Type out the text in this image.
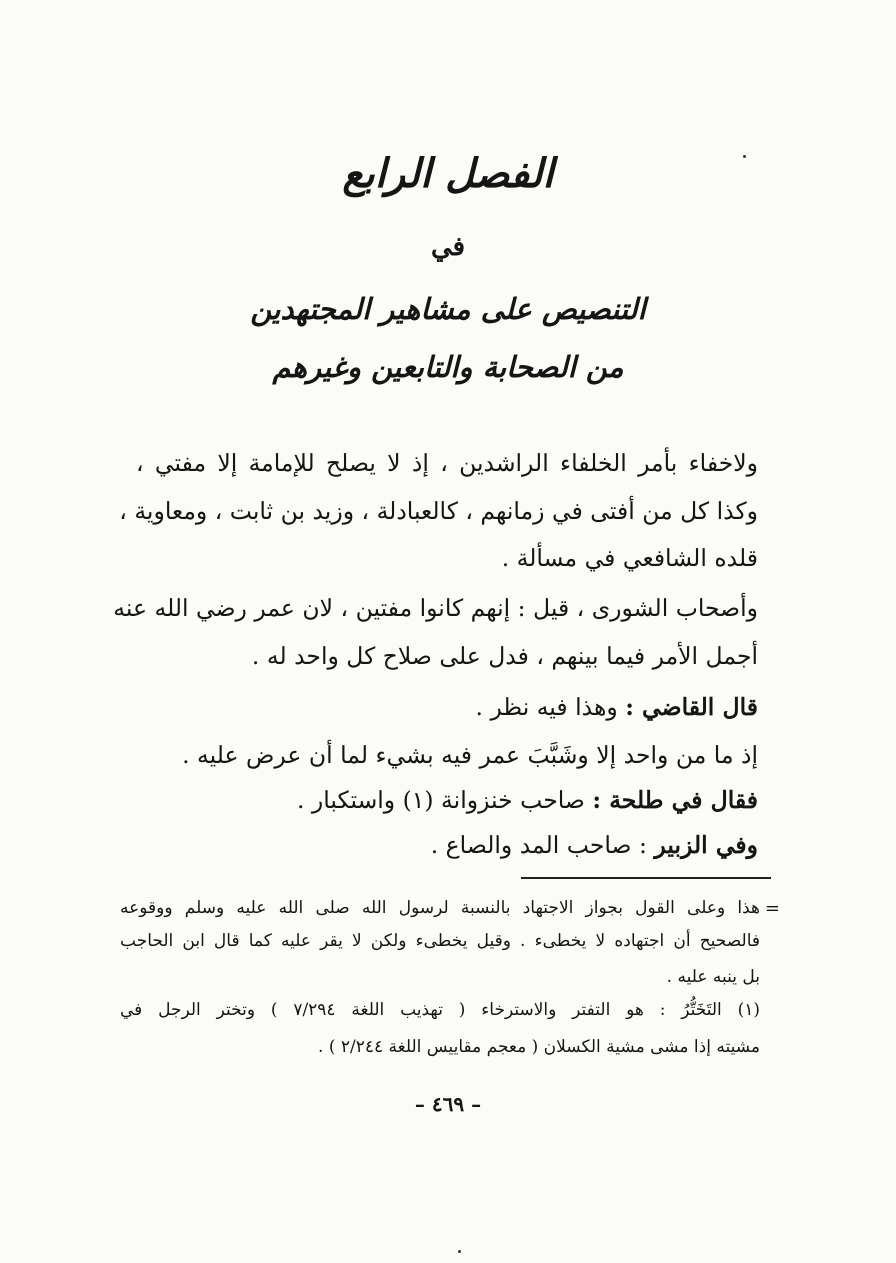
الفصل الرابع
في
التنصيص على مشاهير المجتهدين
من الصحابة والتابعين وغيرهم
ولاخفاء بأمر الخلفاء الراشدين ، إذ لا يصلح للإمامة إلا مفتي ،
وكذا كل من أفتى في زمانهم ، كالعبادلة ، وزيد بن ثابت ، ومعاوية ،
قلده الشافعي في مسألة .
وأصحاب الشورى ، قيل : إنهم كانوا مفتين ، لان عمر رضي الله عنه
أجمل الأمر فيما بينهم ، فدل على صلاح كل واحد له .
قال القاضي : وهذا فيه نظر .
إذ ما من واحد إلا وشَبَّبَ عمر فيه بشيء لما أن عرض عليه .
فقال في طلحة : صاحب خنزوانة (١) واستكبار .
وفي الزبير : صاحب المد والصاع .
=
هذا وعلى القول بجواز الاجتهاد بالنسبة لرسول الله صلى الله عليه وسلم ووقوعه
فالصحيح أن اجتهاده لا يخطىء . وقيل يخطىء ولكن لا يقر عليه كما قال ابن الحاجب
بل ينبه عليه .
(١) التَخَتُّرُ : هو التفتر والاسترخاء ( تهذيب اللغة ٧/٢٩٤ ) وتختر الرجل في
مشيته إذا مشى مشية الكسلان ( معجم مقاييس اللغة ٢/٢٤٤ ) .
– ٤٦٩ –
